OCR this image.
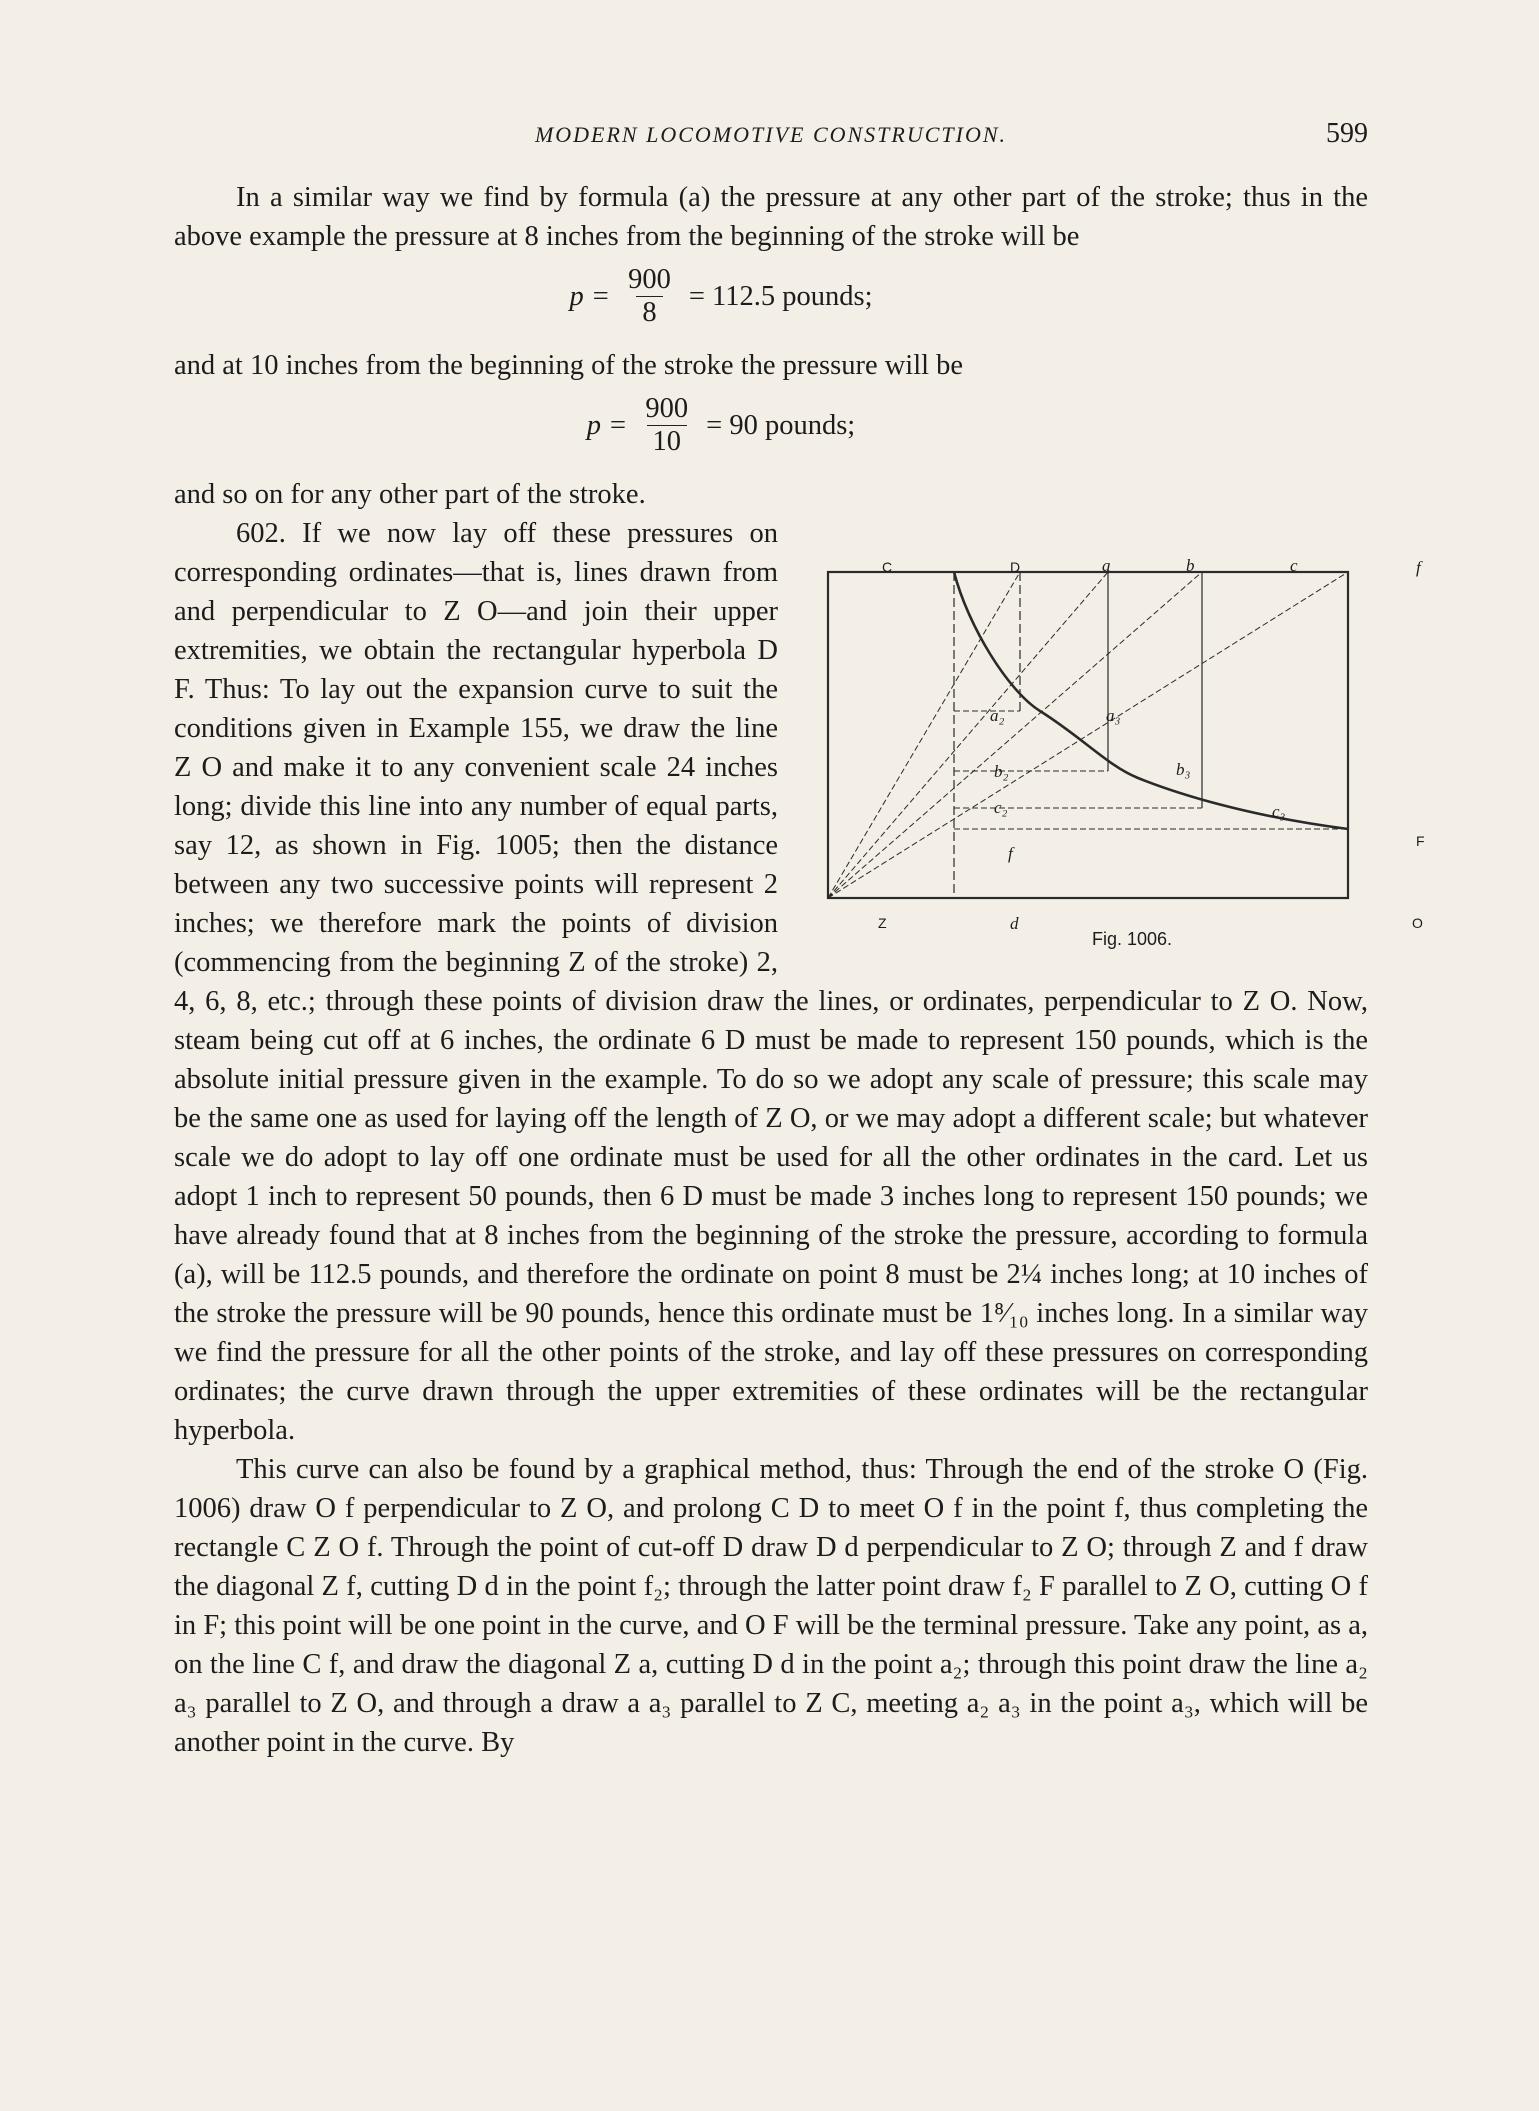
MODERN LOCOMOTIVE CONSTRUCTION.	599

In a similar way we find by formula (a) the pressure at any other part of the stroke; thus in the above example the pressure at 8 inches from the beginning of the stroke will be

$p = \frac{900}{8} = 112.5$ pounds;

and at 10 inches from the beginning of the stroke the pressure will be

$p = \frac{900}{10} = 90$ pounds;

and so on for any other part of the stroke.

C	D	a	b	c	f
a₃
a₂
b₃
b₂
c₃
c₂
f
F
Z	d	O
Fig. 1006.
602. If we now lay off these pressures on corresponding ordinates—that is, lines drawn from and perpendicular to Z O—and join their upper extremities, we obtain the rectangular hyperbola D F. Thus: To lay out the expansion curve to suit the conditions given in Example 155, we draw the line Z O and make it to any convenient scale 24 inches long; divide this line into any number of equal parts, say 12, as shown in Fig. 1005; then the distance between any two successive points will represent 2 inches; we therefore mark the points of division (commencing from the beginning Z of the stroke) 2, 4, 6, 8, etc.; through these points of division draw the lines, or ordinates, perpendicular to Z O. Now, steam being cut off at 6 inches, the ordinate 6 D must be made to represent 150 pounds, which is the absolute initial pressure given in the example. To do so we adopt any scale of pressure; this scale may be the same one as used for laying off the length of Z O, or we may adopt a different scale; but whatever scale we do adopt to lay off one ordinate must be used for all the other ordinates in the card. Let us adopt 1 inch to represent 50 pounds, then 6 D must be made 3 inches long to represent 150 pounds; we have already found that at 8 inches from the beginning of the stroke the pressure, according to formula (a), will be 112.5 pounds, and therefore the ordinate on point 8 must be 2¼ inches long; at 10 inches of the stroke the pressure will be 90 pounds, hence this ordinate must be 1⁸⁄₁₀ inches long. In a similar way we find the pressure for all the other points of the stroke, and lay off these pressures on corresponding ordinates; the curve drawn through the upper extremities of these ordinates will be the rectangular hyperbola.

This curve can also be found by a graphical method, thus: Through the end of the stroke O (Fig. 1006) draw O f perpendicular to Z O, and prolong C D to meet O f in the point f, thus completing the rectangle C Z O f. Through the point of cut-off D draw D d perpendicular to Z O; through Z and f draw the diagonal Z f, cutting D d in the point f₂; through the latter point draw f₂ F parallel to Z O, cutting O f in F; this point will be one point in the curve, and O F will be the terminal pressure. Take any point, as a, on the line C f, and draw the diagonal Z a, cutting D d in the point a₂; through this point draw the line a₂ a₃ parallel to Z O, and through a draw a a₃ parallel to Z C, meeting a₂ a₃ in the point a₃, which will be another point in the curve. By
